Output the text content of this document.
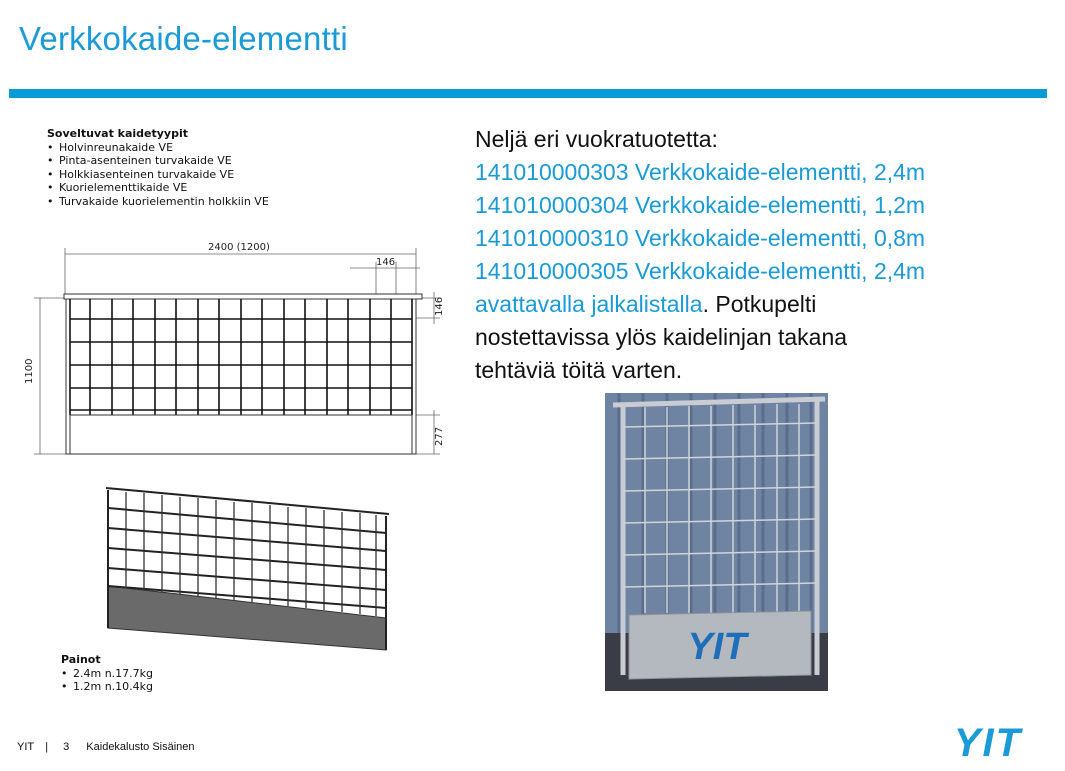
Verkkokaide-elementti
Soveltuvat kaidetyypit
• Holvinreunakaide VE
• Pinta-asenteinen turvakaide VE
• Holkkiasenteinen turvakaide VE
• Kuorielementtikaide VE
• Turvakaide kuorielementin holkkiin VE
2400 (1200)
146
1100
146
277
Painot
• 2.4m n.17.7kg
• 1.2m n.10.4kg
Neljä eri vuokratuotetta:
141010000303 Verkkokaide-elementti, 2,4m
141010000304 Verkkokaide-elementti, 1,2m
141010000310 Verkkokaide-elementti, 0,8m
141010000305 Verkkokaide-elementti, 2,4m
avattavalla jalkalistalla. Potkupelti
nostettavissa ylös kaidelinjan takana
tehtäviä töitä varten.
YIT
YIT | 3 Kaidekalusto Sisäinen	YIT
